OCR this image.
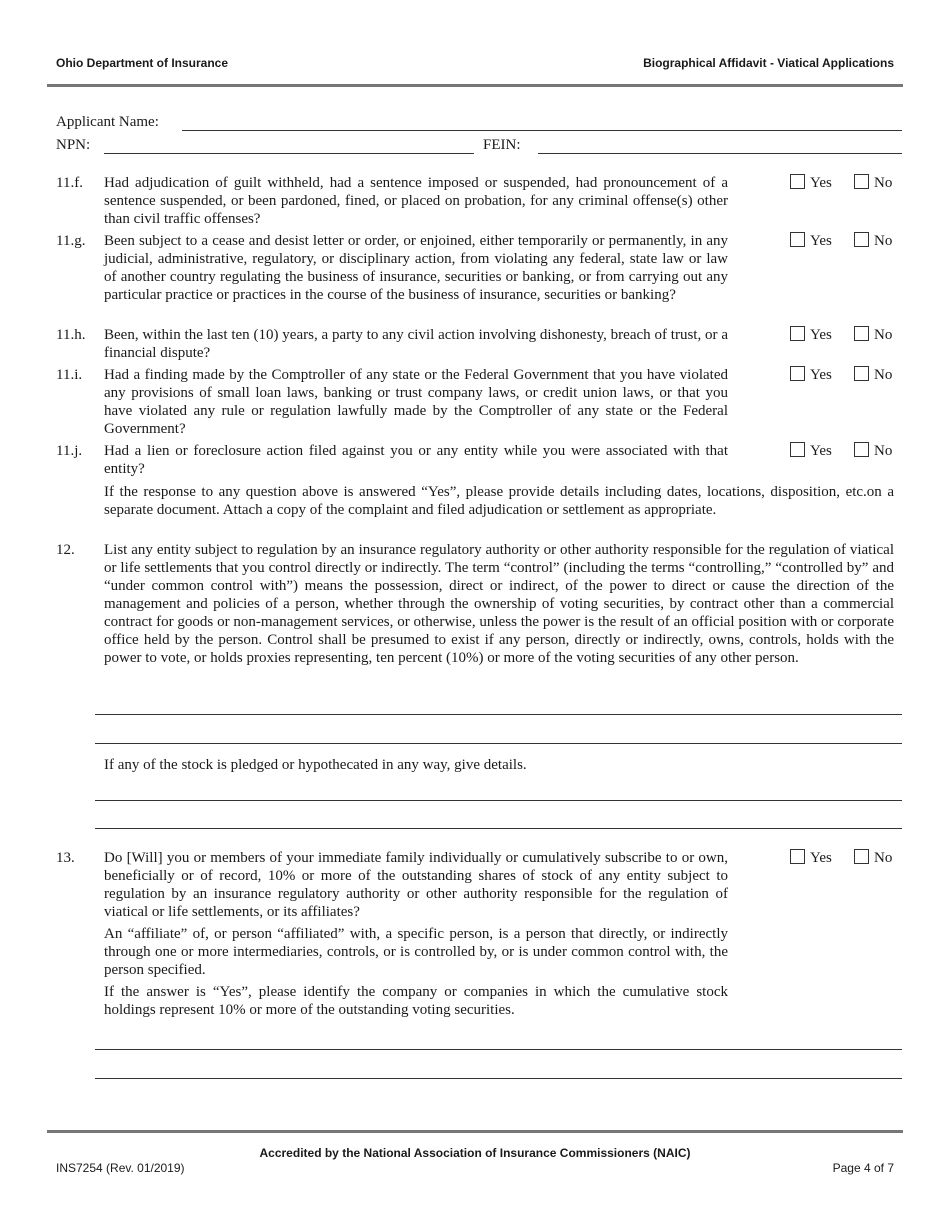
Ohio Department of Insurance	Biographical Affidavit - Viatical Applications
Applicant Name:
NPN:	FEIN:
11.f. Had adjudication of guilt withheld, had a sentence imposed or suspended, had pronouncement of a sentence suspended, or been pardoned, fined, or placed on probation, for any criminal offense(s) other than civil traffic offenses?
Yes	No
11.g. Been subject to a cease and desist letter or order, or enjoined, either temporarily or permanently, in any judicial, administrative, regulatory, or disciplinary action, from violating any federal, state law or law of another country regulating the business of insurance, securities or banking, or from carrying out any particular practice or practices in the course of the business of insurance, securities or banking?
Yes	No
11.h. Been, within the last ten (10) years, a party to any civil action involving dishonesty, breach of trust, or a financial dispute?
Yes	No
11.i. Had a finding made by the Comptroller of any state or the Federal Government that you have violated any provisions of small loan laws, banking or trust company laws, or credit union laws, or that you have violated any rule or regulation lawfully made by the Comptroller of any state or the Federal Government?
Yes	No
11.j. Had a lien or foreclosure action filed against you or any entity while you were associated with that entity?
Yes	No
If the response to any question above is answered “Yes”, please provide details including dates, locations, disposition, etc.on a separate document. Attach a copy of the complaint and filed adjudication or settlement as appropriate.
12. List any entity subject to regulation by an insurance regulatory authority or other authority responsible for the regulation of viatical or life settlements that you control directly or indirectly. The term “control” (including the terms “controlling,” “controlled by” and “under common control with”) means the possession, direct or indirect, of the power to direct or cause the direction of the management and policies of a person, whether through the ownership of voting securities, by contract other than a commercial contract for goods or non-management services, or otherwise, unless the power is the result of an official position with or corporate office held by the person. Control shall be presumed to exist if any person, directly or indirectly, owns, controls, holds with the power to vote, or holds proxies representing, ten percent (10%) or more of the voting securities of any other person.
If any of the stock is pledged or hypothecated in any way, give details.
13. Do [Will] you or members of your immediate family individually or cumulatively subscribe to or own, beneficially or of record, 10% or more of the outstanding shares of stock of any entity subject to regulation by an insurance regulatory authority or other authority responsible for the regulation of viatical or life settlements, or its affiliates?
Yes	No
An “affiliate” of, or person “affiliated” with, a specific person, is a person that directly, or indirectly through one or more intermediaries, controls, or is controlled by, or is under common control with, the person specified.
If the answer is “Yes”, please identify the company or companies in which the cumulative stock holdings represent 10% or more of the outstanding voting securities.
Accredited by the National Association of Insurance Commissioners (NAIC)
INS7254 (Rev. 01/2019)	Page 4 of 7
